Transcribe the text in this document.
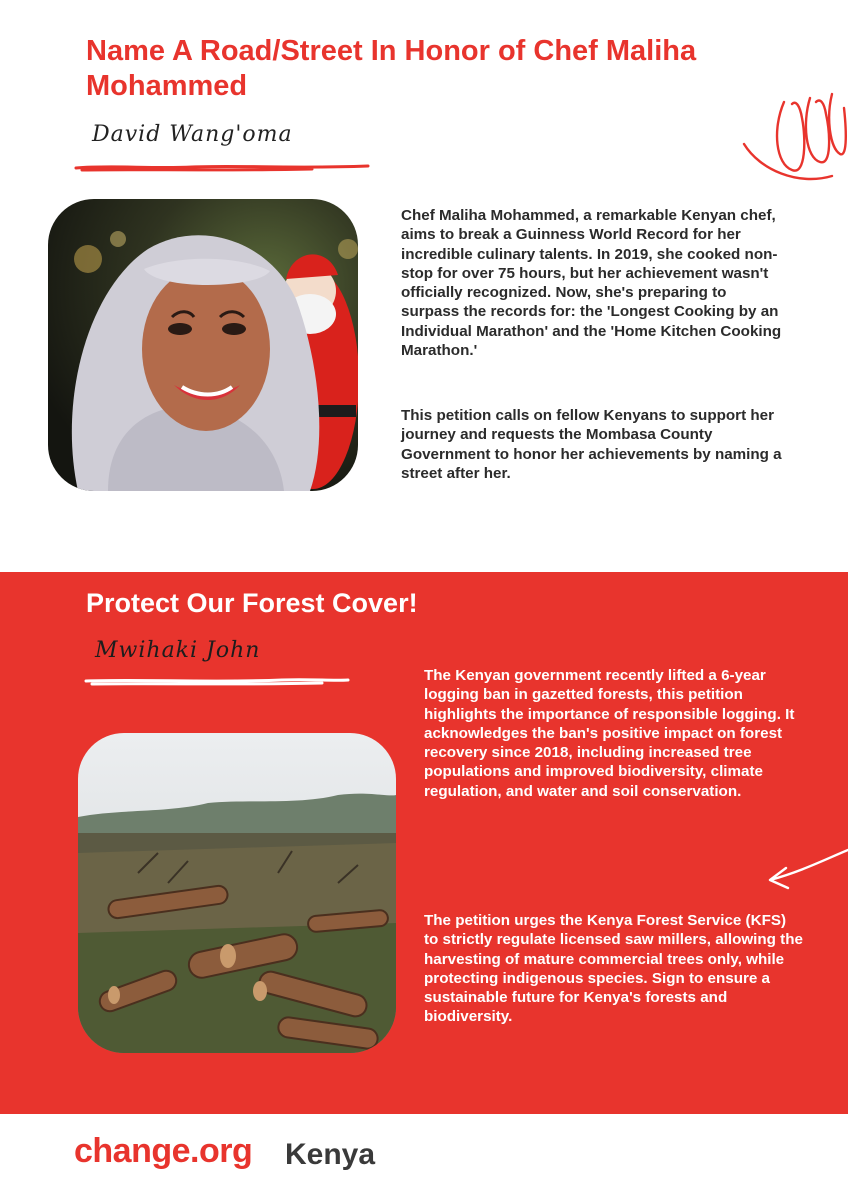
Name A Road/Street In Honor of Chef Maliha Mohammed
David Wang'oma

Chef Maliha Mohammed, a remarkable Kenyan chef, aims to break a Guinness World Record for her incredible culinary talents. In 2019, she cooked non-stop for over 75 hours, but her achievement wasn't officially recognized. Now, she's preparing to surpass the records for: the 'Longest Cooking by an Individual Marathon' and the 'Home Kitchen Cooking Marathon.'

This petition calls on fellow Kenyans to support her journey and requests the Mombasa County Government to honor her achievements by naming a street after her.

Protect Our Forest Cover!
Mwihaki John

The Kenyan government recently lifted a 6-year logging ban in gazetted forests, this petition highlights the importance of responsible logging. It acknowledges the ban's positive impact on forest recovery since 2018, including increased tree populations and improved biodiversity, climate regulation, and water and soil conservation.

The petition urges the Kenya Forest Service (KFS) to strictly regulate licensed saw millers, allowing the harvesting of mature commercial trees only, while protecting indigenous species. Sign to ensure a sustainable future for Kenya's forests and biodiversity.

change.org Kenya
